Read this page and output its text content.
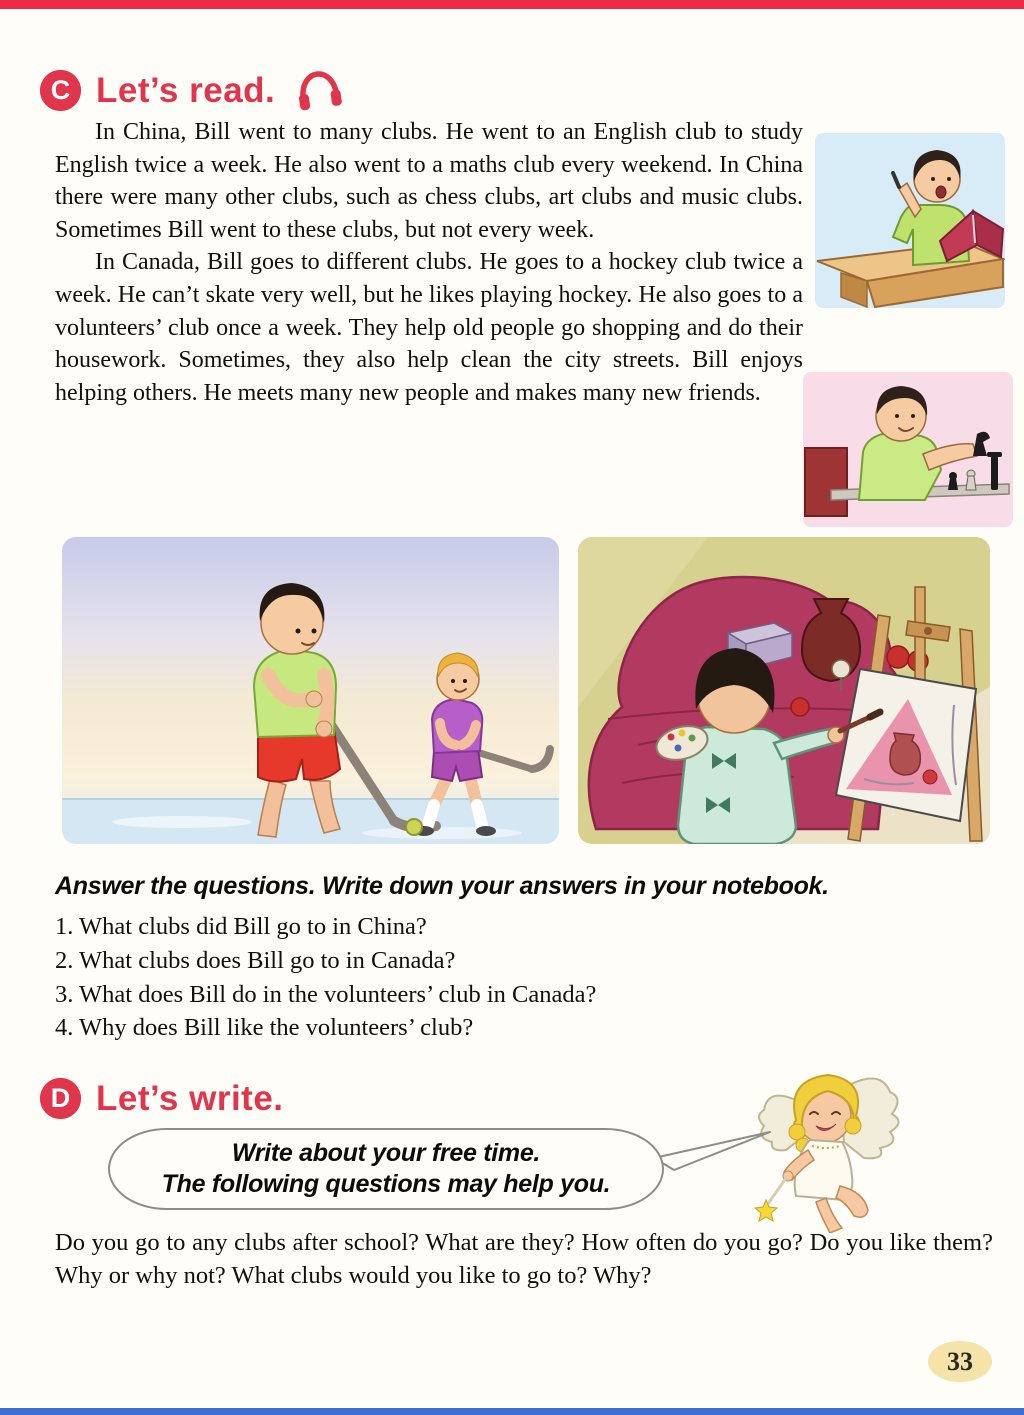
C Let’s read.

In China, Bill went to many clubs. He went to an English club to study English twice a week. He also went to a maths club every weekend. In China there were many other clubs, such as chess clubs, art clubs and music clubs. Sometimes Bill went to these clubs, but not every week.

In Canada, Bill goes to different clubs. He goes to a hockey club twice a week. He can’t skate very well, but he likes playing hockey. He also goes to a volunteers’ club once a week. They help old people go shopping and do their housework. Sometimes, they also help clean the city streets. Bill enjoys helping others. He meets many new people and makes many new friends.

Answer the questions. Write down your answers in your notebook.
1. What clubs did Bill go to in China?
2. What clubs does Bill go to in Canada?
3. What does Bill do in the volunteers’ club in Canada?
4. Why does Bill like the volunteers’ club?
D Let’s write.
Write about your free time.
The following questions may help you.

Do you go to any clubs after school? What are they? How often do you go? Do you like them? Why or why not? What clubs would you like to go to? Why?

33
